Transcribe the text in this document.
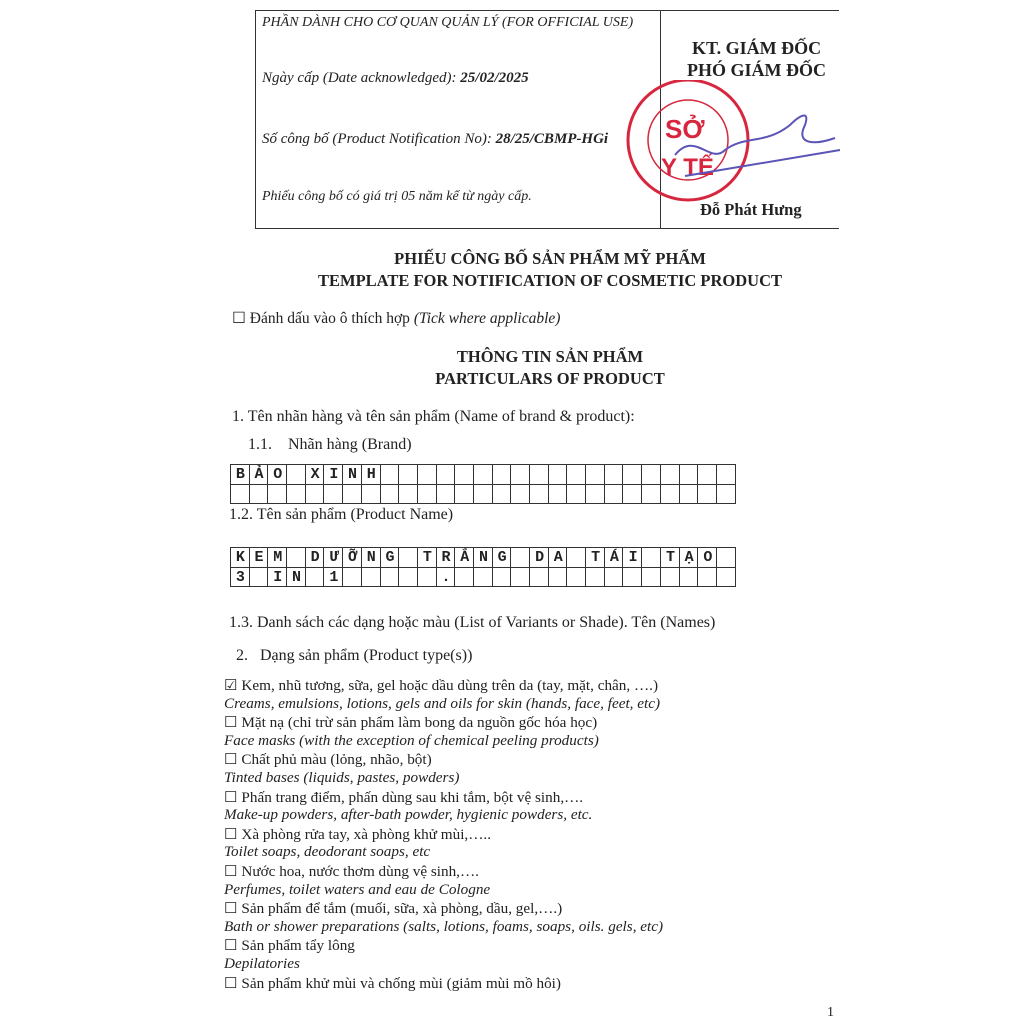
PHẦN DÀNH CHO CƠ QUAN QUẢN LÝ (FOR OFFICIAL USE)
Ngày cấp (Date acknowledged): 25/02/2025
Số công bố (Product Notification No): 28/25/CBMP-HGi
Phiếu công bố có giá trị 05 năm kể từ ngày cấp.
KT. GIÁM ĐỐC
PHÓ GIÁM ĐỐC
SỞ
Y TẾ
Đỗ Phát Hưng
PHIẾU CÔNG BỐ SẢN PHẨM MỸ PHẨM
TEMPLATE FOR NOTIFICATION OF COSMETIC PRODUCT
☐ Đánh dấu vào ô thích hợp (Tick where applicable)
THÔNG TIN SẢN PHẨM
PARTICULARS OF PRODUCT
1. Tên nhãn hàng và tên sản phẩm (Name of brand & product):
1.1.    Nhãn hàng (Brand)
BẢO XINH
1.2. Tên sản phẩm (Product Name)
KEM DƯỠNG TRẮNG DA TÁI TẠO
3 IN 1     .
1.3. Danh sách các dạng hoặc màu (List of Variants or Shade). Tên (Names)
2.   Dạng sản phẩm (Product type(s))
☑ Kem, nhũ tương, sữa, gel hoặc dầu dùng trên da (tay, mặt, chân, ….)
Creams, emulsions, lotions, gels and oils for skin (hands, face, feet, etc)
☐ Mặt nạ (chỉ trừ sản phẩm làm bong da nguồn gốc hóa học)
Face masks (with the exception of chemical peeling products)
☐ Chất phủ màu (lỏng, nhão, bột)
Tinted bases (liquids, pastes, powders)
☐ Phấn trang điểm, phấn dùng sau khi tắm, bột vệ sinh,….
Make-up powders, after-bath powder, hygienic powders, etc.
☐ Xà phòng rửa tay, xà phòng khử mùi,…..
Toilet soaps, deodorant soaps, etc
☐ Nước hoa, nước thơm dùng vệ sinh,….
Perfumes, toilet waters and eau de Cologne
☐ Sản phẩm để tắm (muối, sữa, xà phòng, dầu, gel,….)
Bath or shower preparations (salts, lotions, foams, soaps, oils. gels, etc)
☐ Sản phẩm tẩy lông
Depilatories
☐ Sản phẩm khử mùi và chống mùi (giảm mùi mồ hôi)
1
